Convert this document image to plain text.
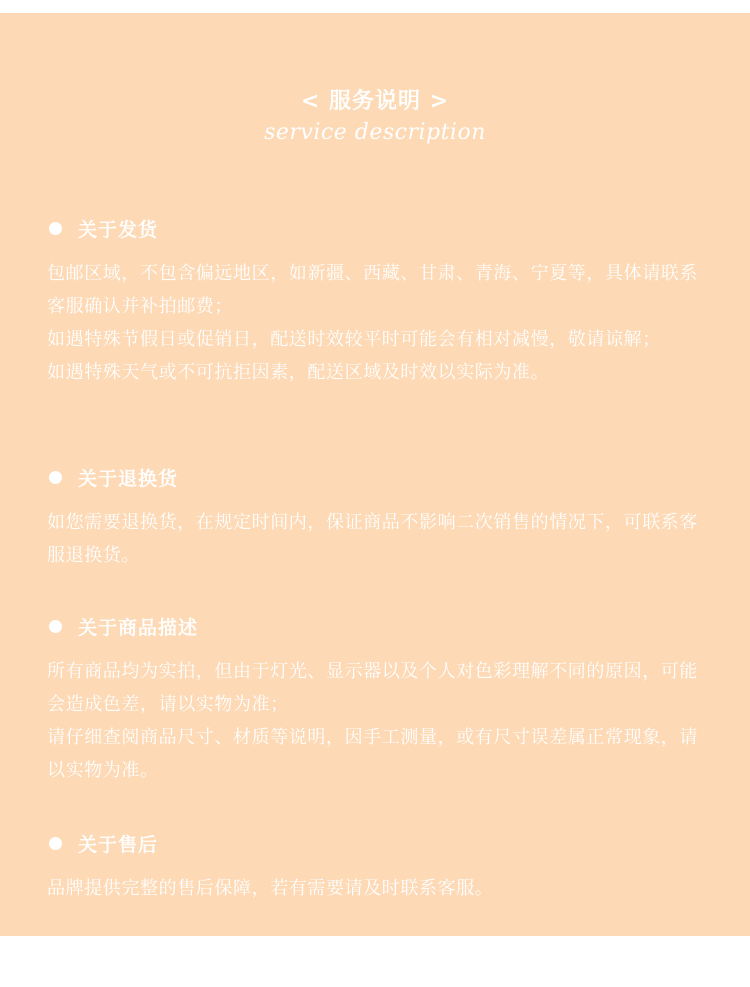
< 服务说明 >
service description
关于发货

包邮区域，不包含偏远地区，如新疆、西藏、甘肃、青海、宁夏等，具体请联系客服确认并补拍邮费；

如遇特殊节假日或促销日，配送时效较平时可能会有相对减慢，敬请谅解；

如遇特殊天气或不可抗拒因素，配送区域及时效以实际为准。

关于退换货

如您需要退换货，在规定时间内，保证商品不影响二次销售的情况下，可联系客服退换货。

关于商品描述

所有商品均为实拍，但由于灯光、显示器以及个人对色彩理解不同的原因，可能会造成色差，请以实物为准；

请仔细查阅商品尺寸、材质等说明，因手工测量，或有尺寸误差属正常现象，请以实物为准。

关于售后

品牌提供完整的售后保障，若有需要请及时联系客服。
